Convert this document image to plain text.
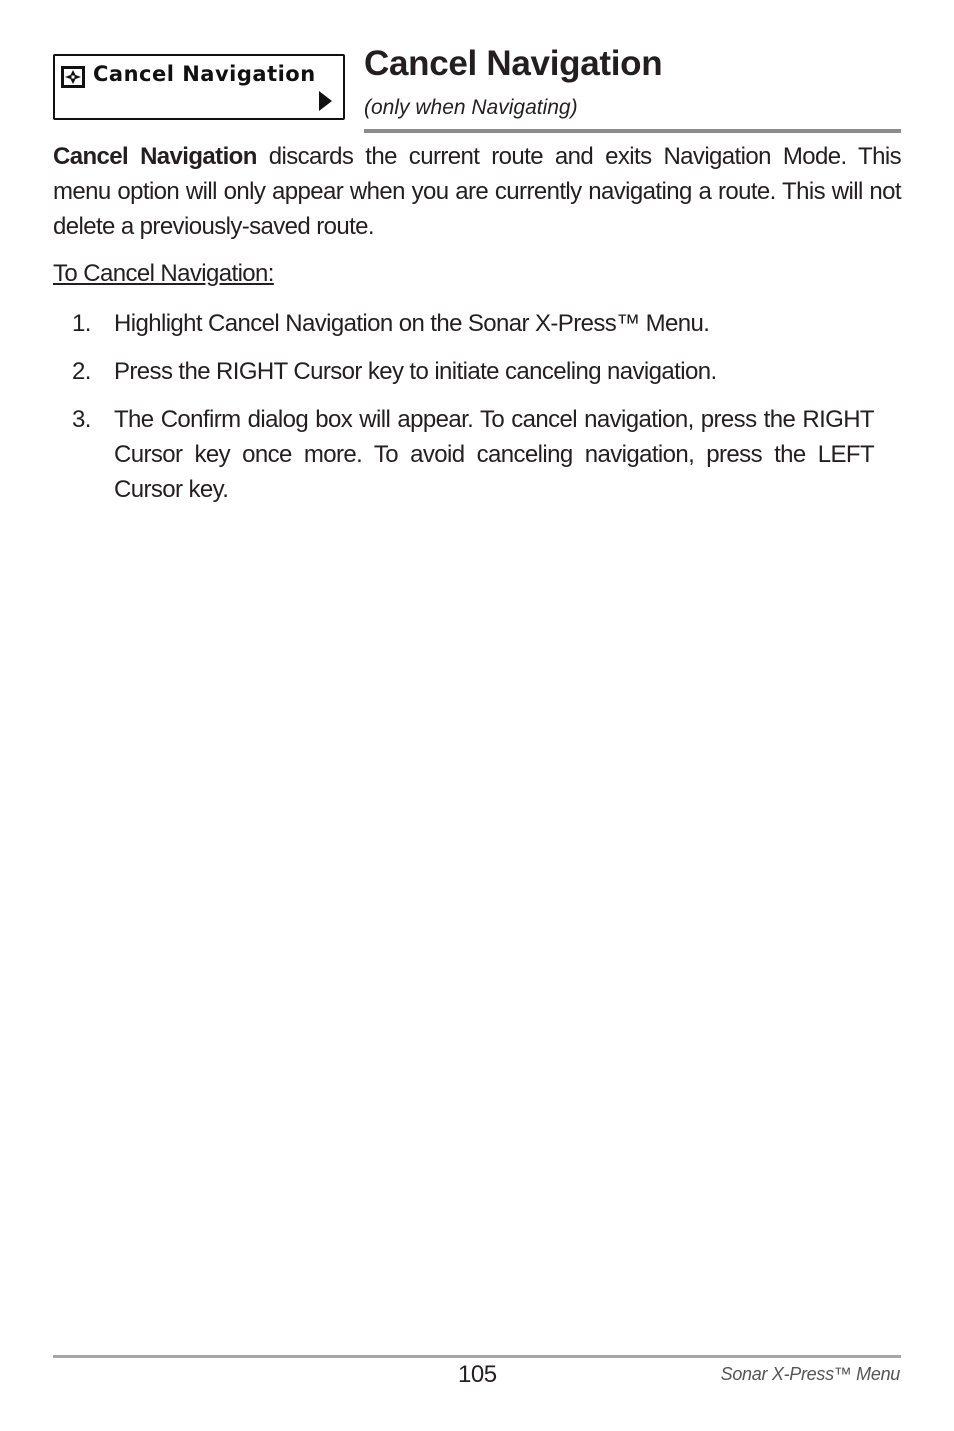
Cancel Navigation Cancel Navigation
(only when Navigating)

Cancel Navigation discards the current route and exits Navigation Mode. This menu option will only appear when you are currently navigating a route. This will not delete a previously-saved route.

To Cancel Navigation:
1. Highlight Cancel Navigation on the Sonar X-Press™ Menu.
2. Press the RIGHT Cursor key to initiate canceling navigation.
3. The Confirm dialog box will appear. To cancel navigation, press the RIGHT Cursor key once more. To avoid canceling navigation, press the LEFT Cursor key.
105	Sonar X-Press™ Menu
